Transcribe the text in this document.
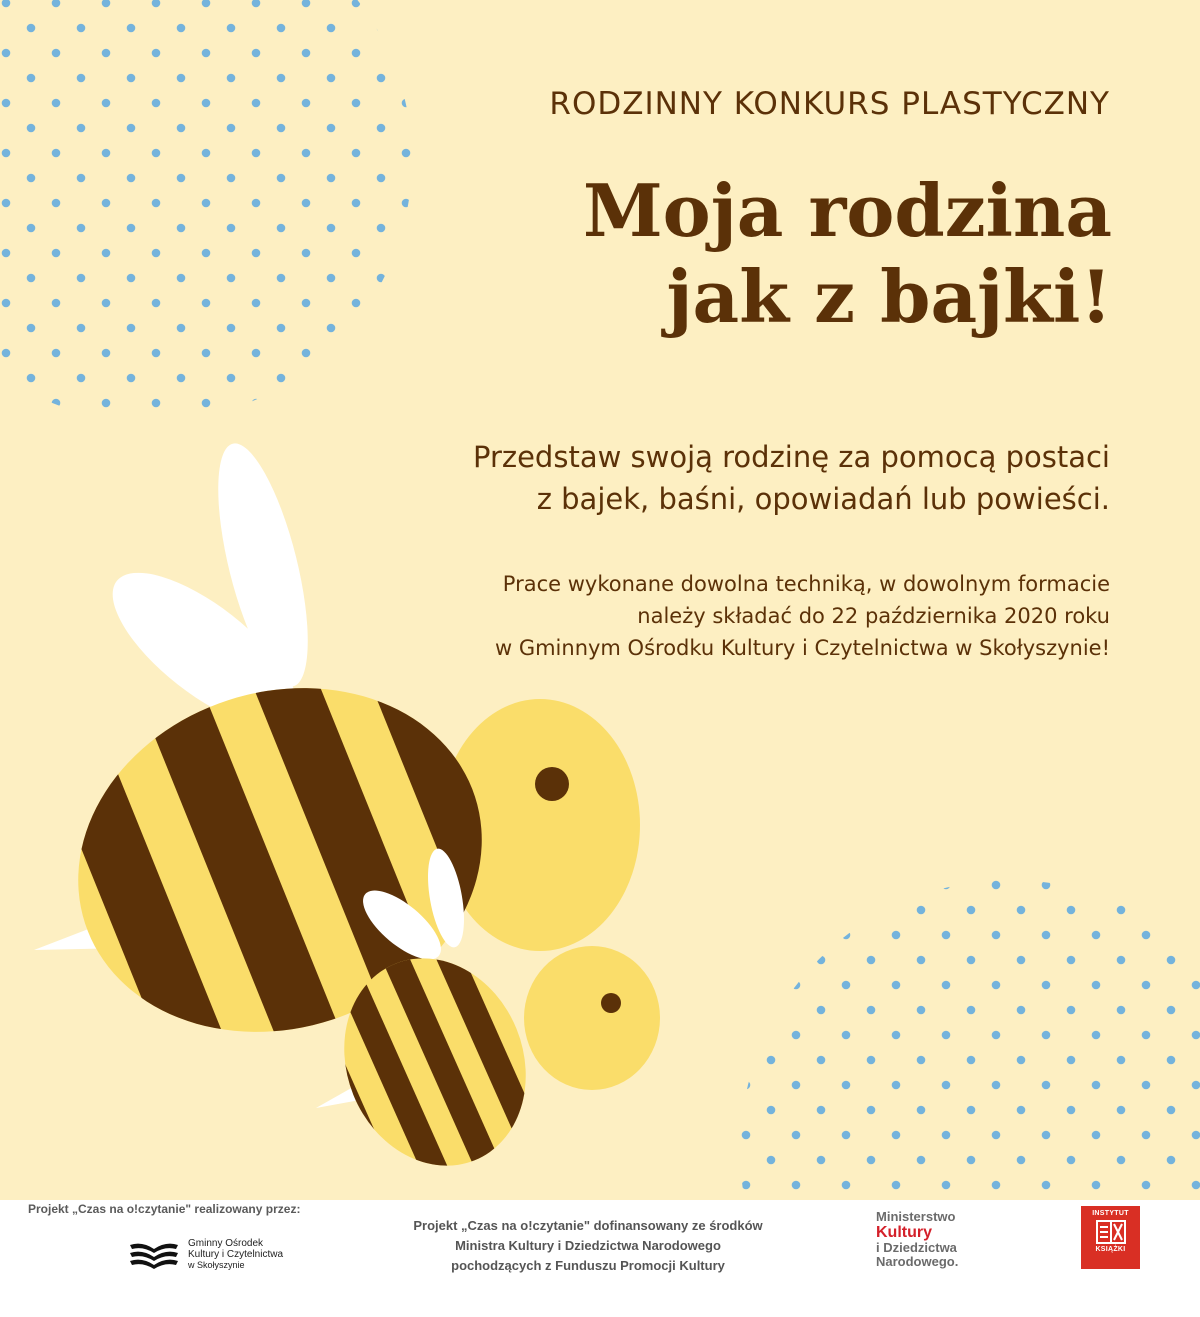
RODZINNY KONKURS PLASTYCZNY
Moja rodzina
jak z bajki!

Przedstaw swoją rodzinę za pomocą postaci
z bajek, baśni, opowiadań lub powieści.

Prace wykonane dowolna techniką, w dowolnym formacie
należy składać do 22 października 2020 roku
w Gminnym Ośrodku Kultury i Czytelnictwa w Skołyszynie!

Projekt „Czas na o!czytanie" realizowany przez:
Gminny Ośrodek
Kultury i Czytelnictwa
w Skołyszynie
Projekt „Czas na o!czytanie" dofinansowany ze środków
Ministra Kultury i Dziedzictwa Narodowego
pochodzących z Funduszu Promocji Kultury
Ministerstwo
Kultury
i Dziedzictwa
Narodowego.
INSTYTUT
KSIĄŻKI
